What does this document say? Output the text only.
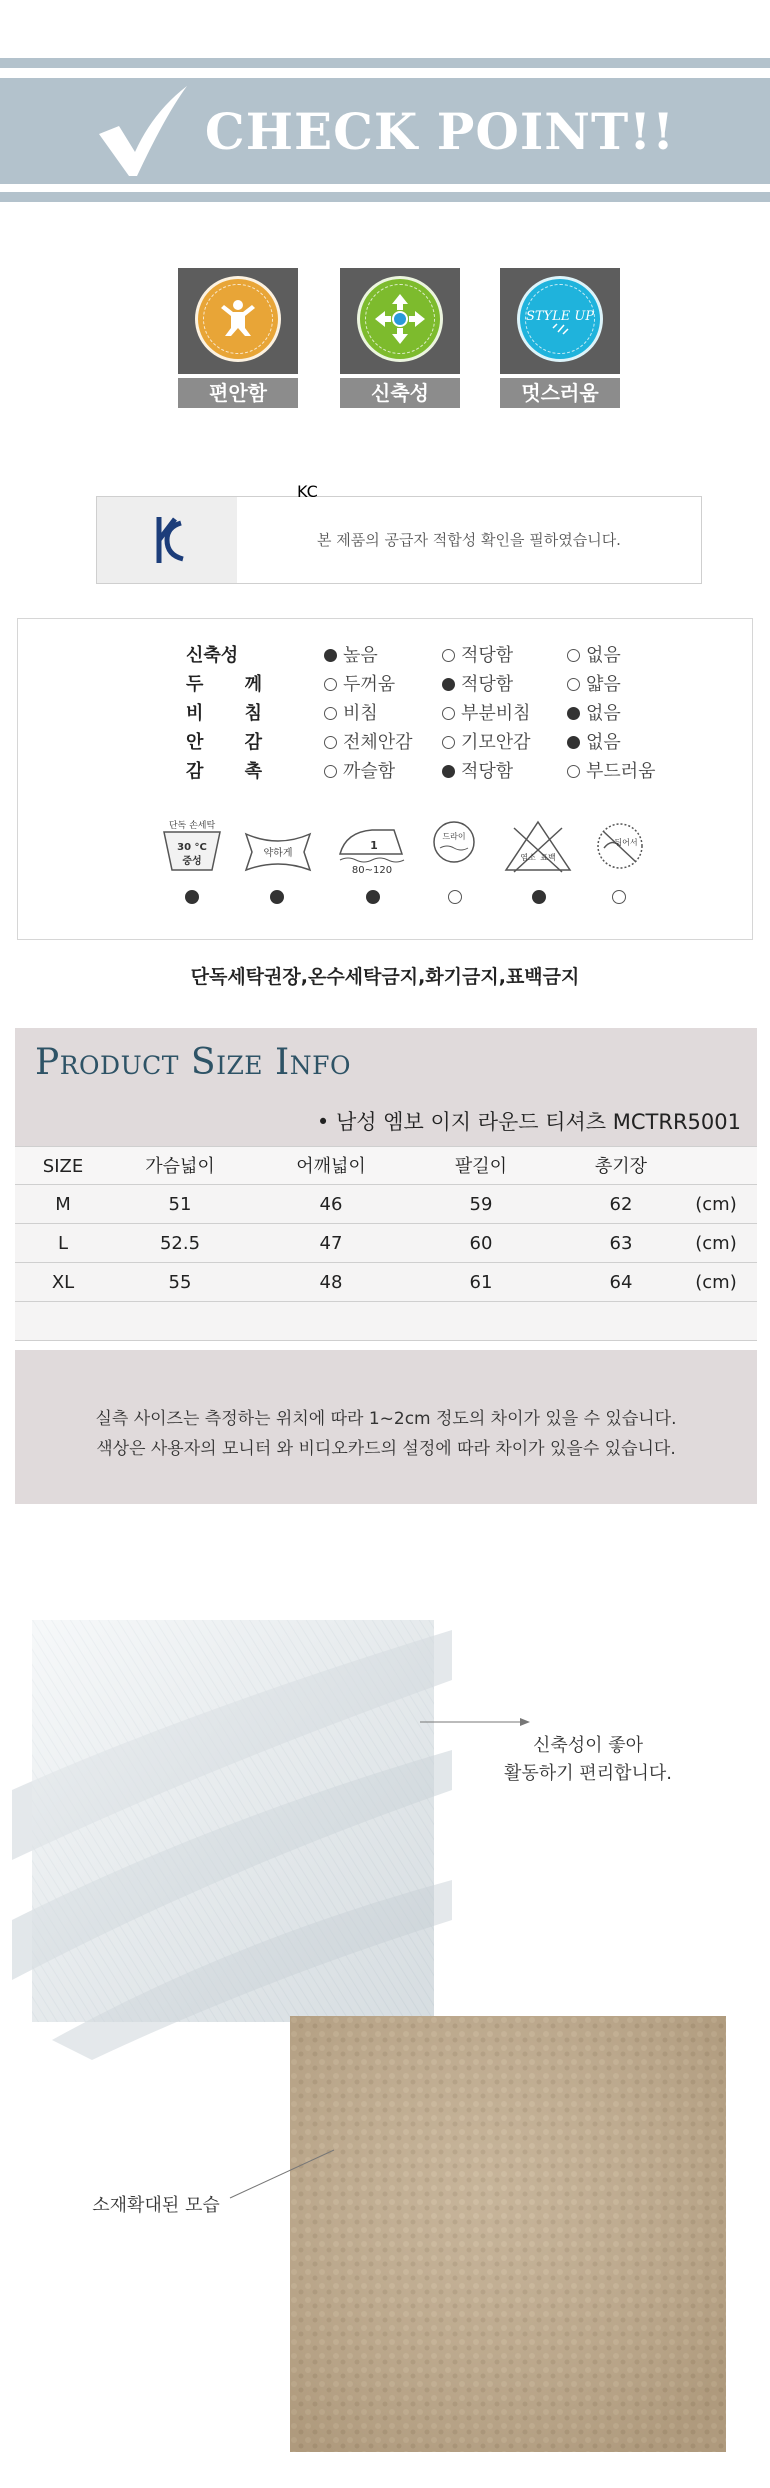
CHECK POINT!!
편안함	신축성
STYLE UP
멋스러움
KC
본 제품의 공급자 적합성 확인을 필하였습니다.
신축성	높음	적당함	없음
두 께	두꺼움	적당함	얇음
비 침	비침	부분비침	없음
안 감	전체안감	기모안감	없음
감 촉	까슬함	적당함	부드러움
단독 손세탁
30 °C
중성
약하게
1
80~120
드라이
염소 표백
뒤어서
단독세탁권장,온수세탁금지,화기금지,표백금지
Product Size Info
• 남성 엠보 이지 라운드 티셔츠 MCTRR5001
SIZE	가슴넓이	어깨넓이	팔길이	총기장
M	51	46	59	62	(cm)
L	52.5	47	60	63	(cm)
XL	55	48	61	64	(cm)

실측 사이즈는 측정하는 위치에 따라 1~2cm 정도의 차이가 있을 수 있습니다.

색상은 사용자의 모니터 와 비디오카드의 설정에 따라 차이가 있을수 있습니다.

신축성이 좋아
활동하기 편리합니다.
소재확대된 모습
